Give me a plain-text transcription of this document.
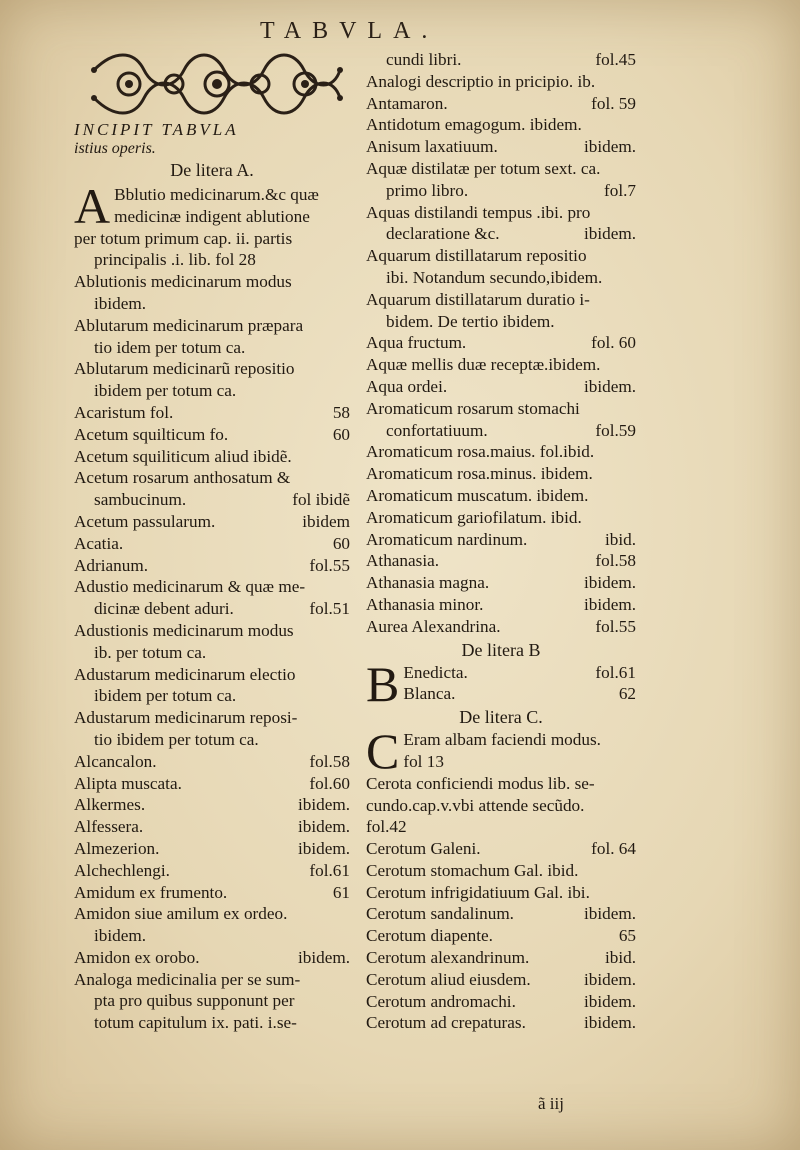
TABVLA.
INCIPIT TABVLA
istius operis.
De litera A.
A Bblutio medicinarum.&c quæ
medicinæ indigent ablutione
per totum primum cap. ii. partis
principalis .i. lib. fol 28
Ablutionis medicinarum modus
ibidem.
Ablutarum medicinarum præpara
tio idem per totum ca.
Ablutarum medicinarũ repositio
ibidem per totum ca.
Acaristum fol.	58
Acetum squilticum fo.	60
Acetum squiliticum aliud ibidẽ.
Acetum rosarum anthosatum &
sambucinum.	fol ibidẽ
Acetum passularum.	ibidem
Acatia.	60
Adrianum.	fol.55
Adustio medicinarum & quæ me-
dicinæ debent aduri.	fol.51
Adustionis medicinarum modus
ib. per totum ca.
Adustarum medicinarum electio
ibidem per totum ca.
Adustarum medicinarum reposi-
tio ibidem per totum ca.
Alcancalon.	fol.58
Alipta muscata.	fol.60
Alkermes.	ibidem.
Alfessera.	ibidem.
Almezerion.	ibidem.
Alchechlengi.	fol.61
Amidum ex frumento.	61
Amidon siue amilum ex ordeo.
ibidem.
Amidon ex orobo.	ibidem.
Analoga medicinalia per se sum-
pta pro quibus supponunt per
totum capitulum ix. pati. i.se-
cundi libri.	fol.45
Analogi descriptio in pricipio. ib.
Antamaron.	fol. 59
Antidotum emagogum. ibidem.
Anisum laxatiuum.	ibidem.
Aquæ distilatæ per totum sext. ca.
primo libro.	fol.7
Aquas distilandi tempus .ibi. pro
declaratione &c.	ibidem.
Aquarum distillatarum repositio
ibi. Notandum secundo,ibidem.
Aquarum distillatarum duratio i-
bidem. De tertio ibidem.
Aqua fructum.	fol. 60
Aquæ mellis duæ receptæ.ibidem.
Aqua ordei.	ibidem.
Aromaticum rosarum stomachi
confortatiuum.	fol.59
Aromaticum rosa.maius. fol.ibid.
Aromaticum rosa.minus. ibidem.
Aromaticum muscatum. ibidem.
Aromaticum gariofilatum. ibid.
Aromaticum nardinum.	ibid.
Athanasia.	fol.58
Athanasia magna.	ibidem.
Athanasia minor.	ibidem.
Aurea Alexandrina.	fol.55
De litera B
B Enedicta.	fol.61
Blanca.	62
De litera C.
C Eram albam faciendi modus.
fol 13
Cerota conficiendi modus lib. se-
cundo.cap.v.vbi attende secũdo.
fol.42
Cerotum Galeni.	fol. 64
Cerotum stomachum Gal. ibid.
Cerotum infrigidatiuum Gal. ibi.
Cerotum sandalinum.	ibidem.
Cerotum diapente.	65
Cerotum alexandrinum.	ibid.
Cerotum aliud eiusdem.	ibidem.
Cerotum andromachi.	ibidem.
Cerotum ad crepaturas.	ibidem.
ã iij
